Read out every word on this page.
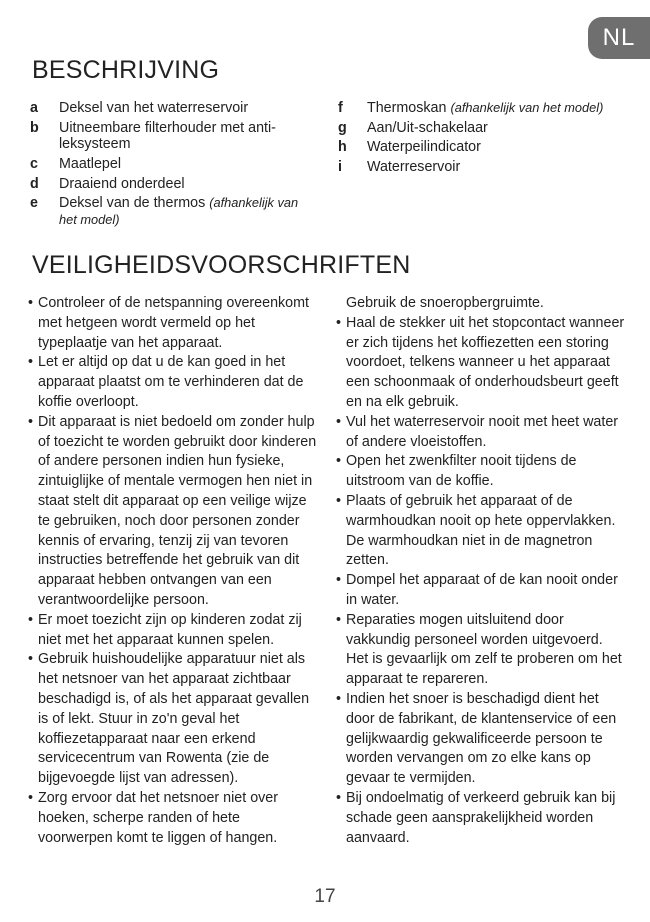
NL
BESCHRIJVING
a	Deksel van het waterreservoir
b	Uitneembare filterhouder met anti-leksysteem
c	Maatlepel
d	Draaiend onderdeel
e	Deksel van de thermos (afhankelijk van het model)
f	Thermoskan (afhankelijk van het model)
g	Aan/Uit-schakelaar
h	Waterpeilindicator
i	Waterreservoir
VEILIGHEIDSVOORSCHRIFTEN
• Controleer of de netspanning overeenkomt met hetgeen wordt vermeld op het typeplaatje van het apparaat.
• Let er altijd op dat u de kan goed in het apparaat plaatst om te verhinderen dat de koffie overloopt.
• Dit apparaat is niet bedoeld om zonder hulp of toezicht te worden gebruikt door kinderen of andere personen indien hun fysieke, zintuiglijke of mentale vermogen hen niet in staat stelt dit apparaat op een veilige wijze te gebruiken, noch door personen zonder kennis of ervaring, tenzij zij van tevoren instructies betreffende het gebruik van dit apparaat hebben ontvangen van een verantwoordelijke persoon.
• Er moet toezicht zijn op kinderen zodat zij niet met het apparaat kunnen spelen.
• Gebruik huishoudelijke apparatuur niet als het netsnoer van het apparaat zichtbaar beschadigd is, of als het apparaat gevallen is of lekt. Stuur in zo'n geval het koffiezetapparaat naar een erkend servicecentrum van Rowenta (zie de bijgevoegde lijst van adressen).
• Zorg ervoor dat het netsnoer niet over hoeken, scherpe randen of hete voorwerpen komt te liggen of hangen.
Gebruik de snoeropbergruimte.
• Haal de stekker uit het stopcontact wanneer er zich tijdens het koffiezetten een storing voordoet, telkens wanneer u het apparaat een schoonmaak of onderhoudsbeurt geeft en na elk gebruik.
• Vul het waterreservoir nooit met heet water of andere vloeistoffen.
• Open het zwenkfilter nooit tijdens de uitstroom van de koffie.
• Plaats of gebruik het apparaat of de warmhoudkan nooit op hete oppervlakken. De warmhoudkan niet in de magnetron zetten.
• Dompel het apparaat of de kan nooit onder in water.
• Reparaties mogen uitsluitend door vakkundig personeel worden uitgevoerd. Het is gevaarlijk om zelf te proberen om het apparaat te repareren.
• Indien het snoer is beschadigd dient het door de fabrikant, de klantenservice of een gelijkwaardig gekwalificeerde persoon te worden vervangen om zo elke kans op gevaar te vermijden.
• Bij ondoelmatig of verkeerd gebruik kan bij schade geen aansprakelijkheid worden aanvaard.
17
